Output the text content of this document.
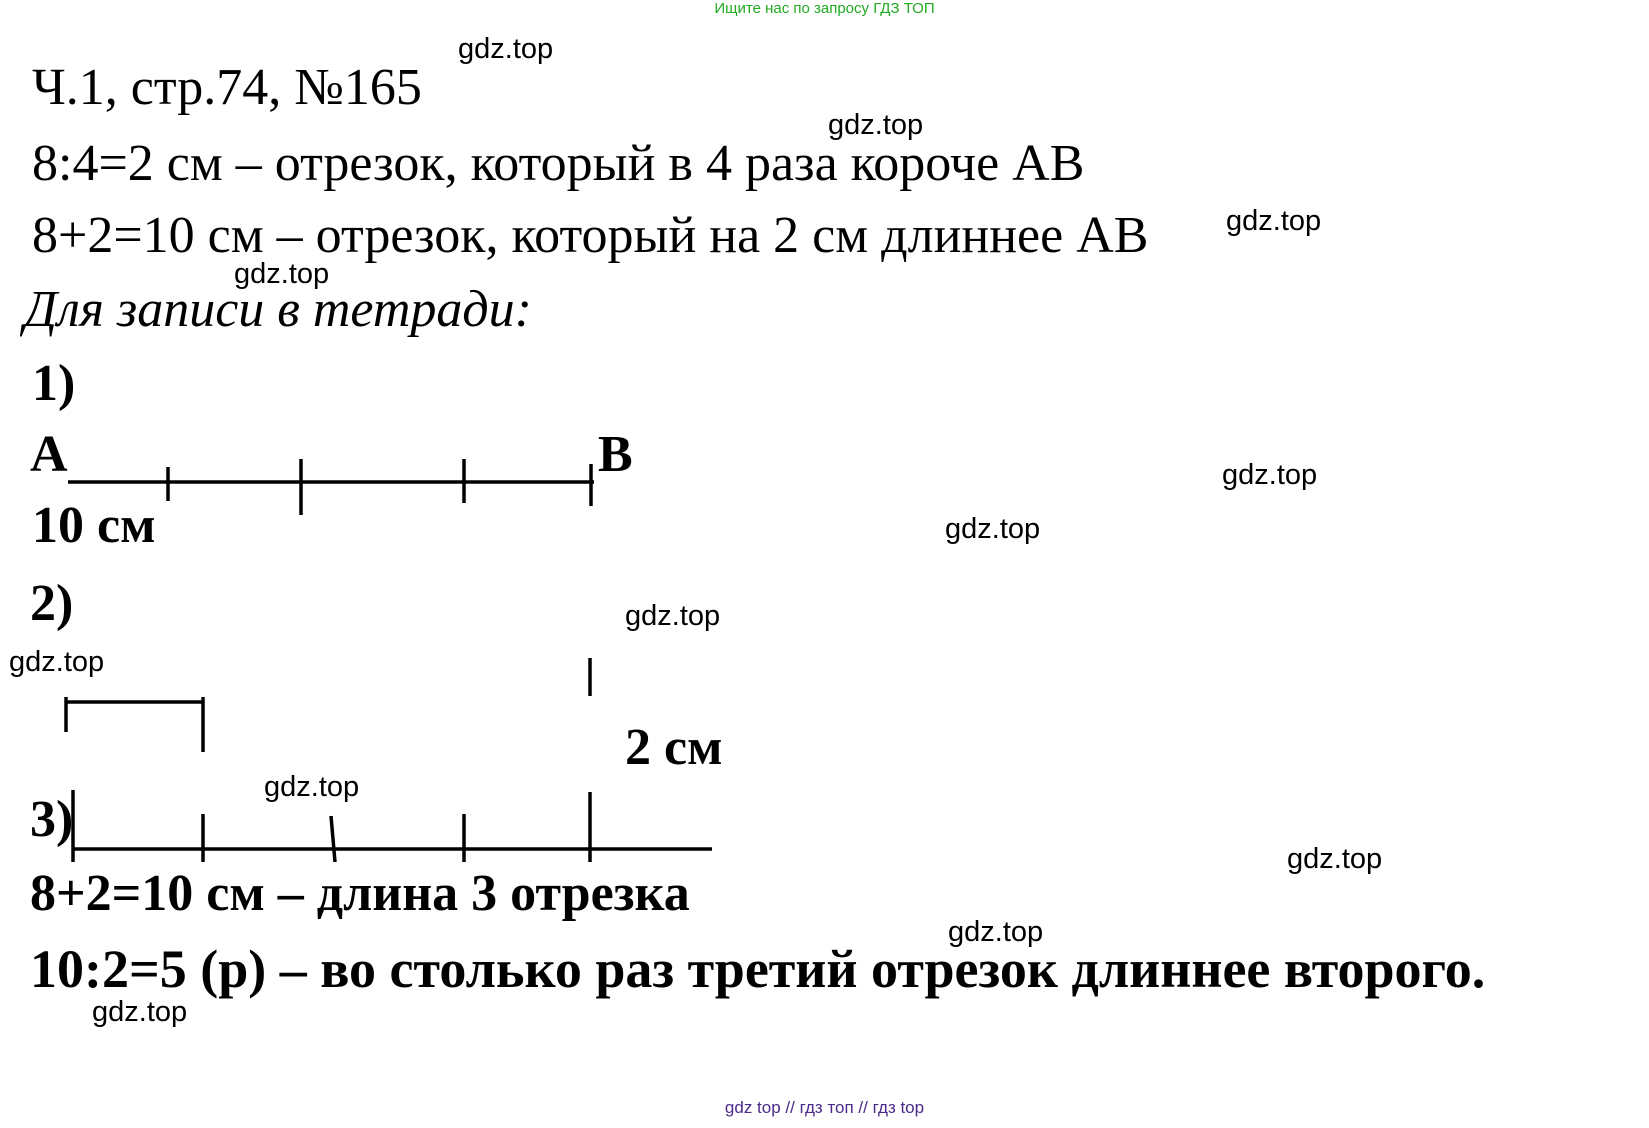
Ищите нас по запросу ГДЗ ТОП
Ч.1, стр.74, №165
8:4=2 см – отрезок, который в 4 раза короче АВ
8+2=10 см – отрезок, который на 2 см длиннее АВ
Для записи в тетради:
1)
А	В
10 см
2)
2 см
3)
8+2=10 см – длина 3 отрезка
10:2=5 (р) – во столько раз третий отрезок длиннее второго.
gdz.top
gdz.top
gdz.top
gdz.top
gdz.top
gdz.top
gdz.top
gdz.top
gdz.top
gdz.top
gdz.top
gdz.top
gdz top // гдз топ // гдз top
